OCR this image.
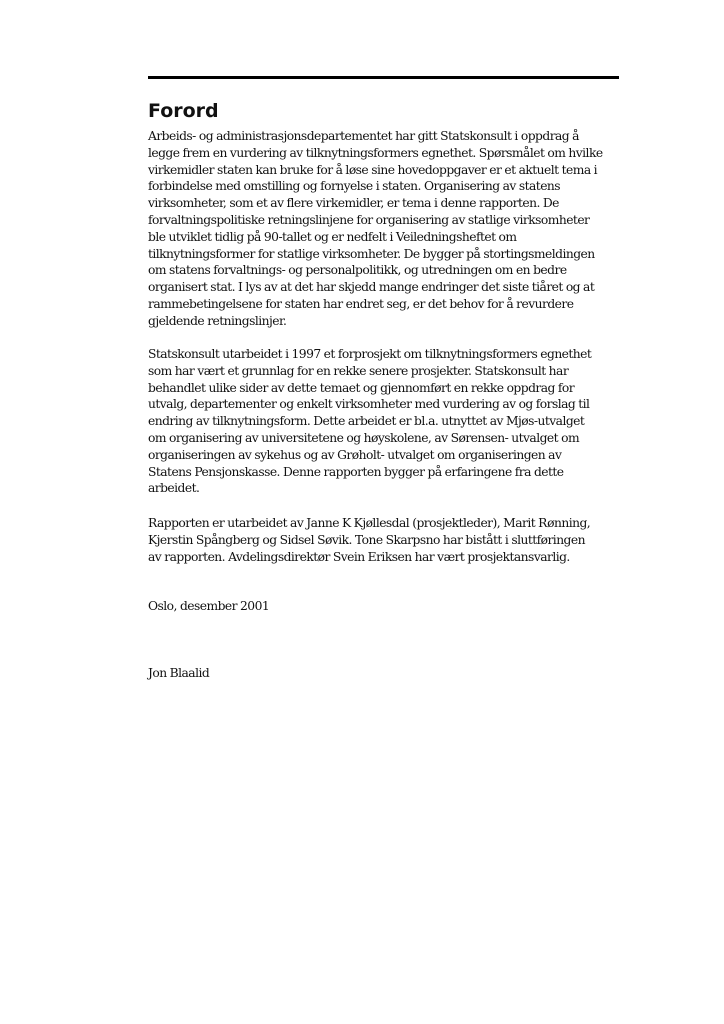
Forord
Arbeids- og administrasjonsdepartementet har gitt Statskonsult i oppdrag å
legge frem en vurdering av tilknytningsformers egnethet. Spørsmålet om hvilke
virkemidler staten kan bruke for å løse sine hovedoppgaver er et aktuelt tema i
forbindelse med omstilling og fornyelse i staten. Organisering av statens
virksomheter, som et av flere virkemidler, er tema i denne rapporten. De
forvaltningspolitiske retningslinjene for organisering av statlige virksomheter
ble utviklet tidlig på 90-tallet og er nedfelt i Veiledningsheftet om
tilknytningsformer for statlige virksomheter. De bygger på stortingsmeldingen
om statens forvaltnings- og personalpolitikk, og utredningen om en bedre
organisert stat. I lys av at det har skjedd mange endringer det siste tiåret og at
rammebetingelsene for staten har endret seg, er det behov for å revurdere
gjeldende retningslinjer.
Statskonsult utarbeidet i 1997 et forprosjekt om tilknytningsformers egnethet
som har vært et grunnlag for en rekke senere prosjekter. Statskonsult har
behandlet ulike sider av dette temaet og gjennomført en rekke oppdrag for
utvalg, departementer og enkelt virksomheter med vurdering av og forslag til
endring av tilknytningsform. Dette arbeidet er bl.a. utnyttet av Mjøs-utvalget
om organisering av universitetene og høyskolene, av Sørensen- utvalget om
organiseringen av sykehus og av Grøholt- utvalget om organiseringen av
Statens Pensjonskasse. Denne rapporten bygger på erfaringene fra dette
arbeidet.
Rapporten er utarbeidet av Janne K Kjøllesdal (prosjektleder), Marit Rønning,
Kjerstin Spångberg og Sidsel Søvik. Tone Skarpsno har bistått i sluttføringen
av rapporten. Avdelingsdirektør Svein Eriksen har vært prosjektansvarlig.
Oslo, desember 2001
Jon Blaalid
